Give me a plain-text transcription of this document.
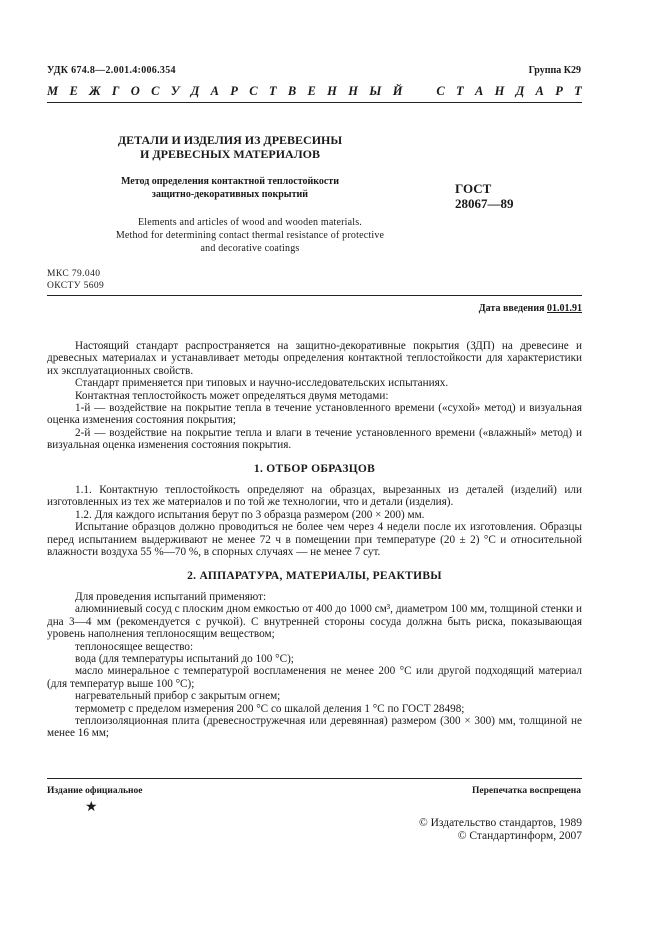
УДК 674.8—2.001.4:006.354	Группа К29
М Е Ж Г О С У Д А Р С Т В Е Н Н Ы Й	С Т А Н Д А Р Т
ДЕТАЛИ И ИЗДЕЛИЯ ИЗ ДРЕВЕСИНЫ
И ДРЕВЕСНЫХ МАТЕРИАЛОВ
Метод определения контактной теплостойкости
защитно-декоративных покрытий
Elements and articles of wood and wooden materials.
Method for determining contact thermal resistance of protective
and decorative coatings
ГОСТ
28067—89
МКС 79.040
ОКСТУ 5609
Дата введения 01.01.91

Настоящий стандарт распространяется на защитно-декоративные покрытия (ЗДП) на древесине и древесных материалах и устанавливает методы определения контактной теплостойкости для характеристики их эксплуатационных свойств.

Стандарт применяется при типовых и научно-исследовательских испытаниях.

Контактная теплостойкость может определяться двумя методами:

1-й — воздействие на покрытие тепла в течение установленного времени («сухой» метод) и визуальная оценка изменения состояния покрытия;

2-й — воздействие на покрытие тепла и влаги в течение установленного времени («влажный» метод) и визуальная оценка изменения состояния покрытия.

1. ОТБОР ОБРАЗЦОВ

1.1. Контактную теплостойкость определяют на образцах, вырезанных из деталей (изделий) или изготовленных из тех же материалов и по той же технологии, что и детали (изделия).

1.2. Для каждого испытания берут по 3 образца размером (200 × 200) мм.

Испытание образцов должно проводиться не более чем через 4 недели после их изготовления. Образцы перед испытанием выдерживают не менее 72 ч в помещении при температуре (20 ± 2) °С и относительной влажности воздуха 55 %—70 %, в спорных случаях — не менее 7 сут.

2. АППАРАТУРА, МАТЕРИАЛЫ, РЕАКТИВЫ

Для проведения испытаний применяют:

алюминиевый сосуд с плоским дном емкостью от 400 до 1000 см³, диаметром 100 мм, толщиной стенки и дна 3—4 мм (рекомендуется с ручкой). С внутренней стороны сосуда должна быть риска, показывающая уровень наполнения теплоносящим веществом;

теплоносящее вещество:

вода (для температуры испытаний до 100 °С);

масло минеральное с температурой воспламенения не менее 200 °С или другой подходящий материал (для температур выше 100 °С);

нагревательный прибор с закрытым огнем;

термометр с пределом измерения 200 °С со шкалой деления 1 °С по ГОСТ 28498;

теплоизоляционная плита (древесностружечная или деревянная) размером (300 × 300) мм, толщиной не менее 16 мм;

Издание официальное	Перепечатка воспрещена
★
© Издательство стандартов, 1989
© Стандартинформ, 2007
